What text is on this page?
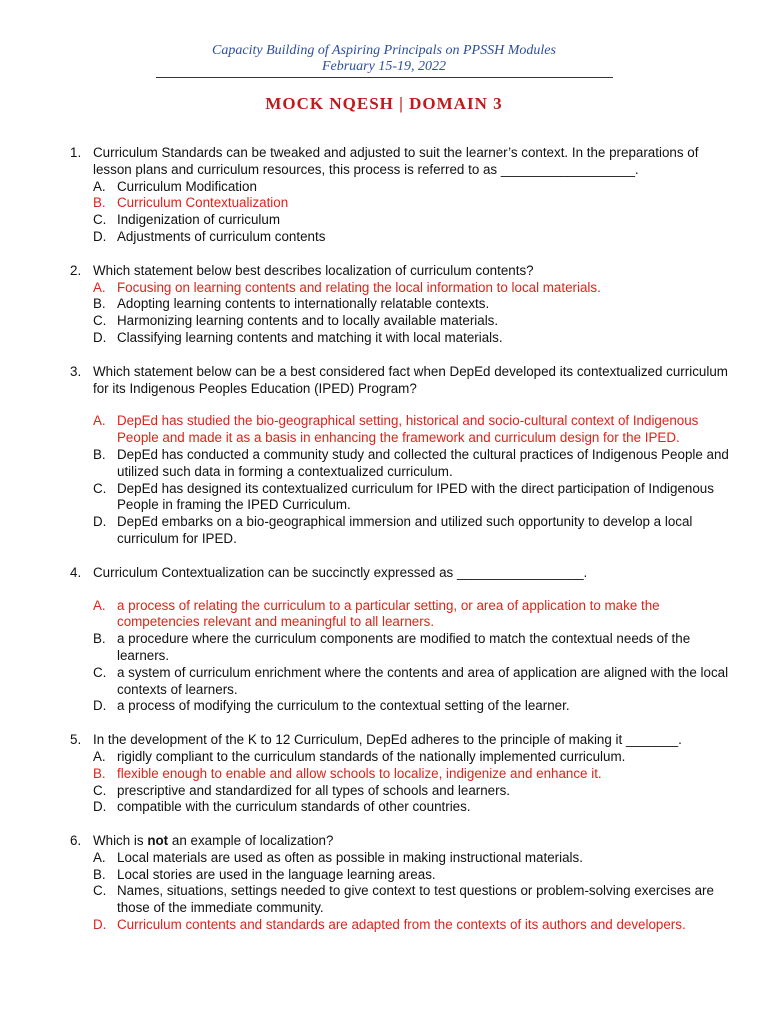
Capacity Building of Aspiring Principals on PPSSH Modules
February 15-19, 2022
MOCK NQESH | DOMAIN 3
1. Curriculum Standards can be tweaked and adjusted to suit the learner’s context. In the preparations of lesson plans and curriculum resources, this process is referred to as __________________.
A. Curriculum Modification
B. Curriculum Contextualization
C. Indigenization of curriculum
D. Adjustments of curriculum contents
2. Which statement below best describes localization of curriculum contents?
A. Focusing on learning contents and relating the local information to local materials.
B. Adopting learning contents to internationally relatable contexts.
C. Harmonizing learning contents and to locally available materials.
D. Classifying learning contents and matching it with local materials.
3. Which statement below can be a best considered fact when DepEd developed its contextualized curriculum for its Indigenous Peoples Education (IPED) Program?
A. DepEd has studied the bio-geographical setting, historical and socio-cultural context of Indigenous People and made it as a basis in enhancing the framework and curriculum design for the IPED.
B. DepEd has conducted a community study and collected the cultural practices of Indigenous People and utilized such data in forming a contextualized curriculum.
C. DepEd has designed its contextualized curriculum for IPED with the direct participation of Indigenous People in framing the IPED Curriculum.
D. DepEd embarks on a bio-geographical immersion and utilized such opportunity to develop a local curriculum for IPED.
4. Curriculum Contextualization can be succinctly expressed as _________________.
A. a process of relating the curriculum to a particular setting, or area of application to make the competencies relevant and meaningful to all learners.
B. a procedure where the curriculum components are modified to match the contextual needs of the learners.
C. a system of curriculum enrichment where the contents and area of application are aligned with the local contexts of learners.
D. a process of modifying the curriculum to the contextual setting of the learner.
5. In the development of the K to 12 Curriculum, DepEd adheres to the principle of making it _______.
A. rigidly compliant to the curriculum standards of the nationally implemented curriculum.
B. flexible enough to enable and allow schools to localize, indigenize and enhance it.
C. prescriptive and standardized for all types of schools and learners.
D. compatible with the curriculum standards of other countries.
6. Which is not an example of localization?
A. Local materials are used as often as possible in making instructional materials.
B. Local stories are used in the language learning areas.
C. Names, situations, settings needed to give context to test questions or problem-solving exercises are those of the immediate community.
D. Curriculum contents and standards are adapted from the contexts of its authors and developers.
